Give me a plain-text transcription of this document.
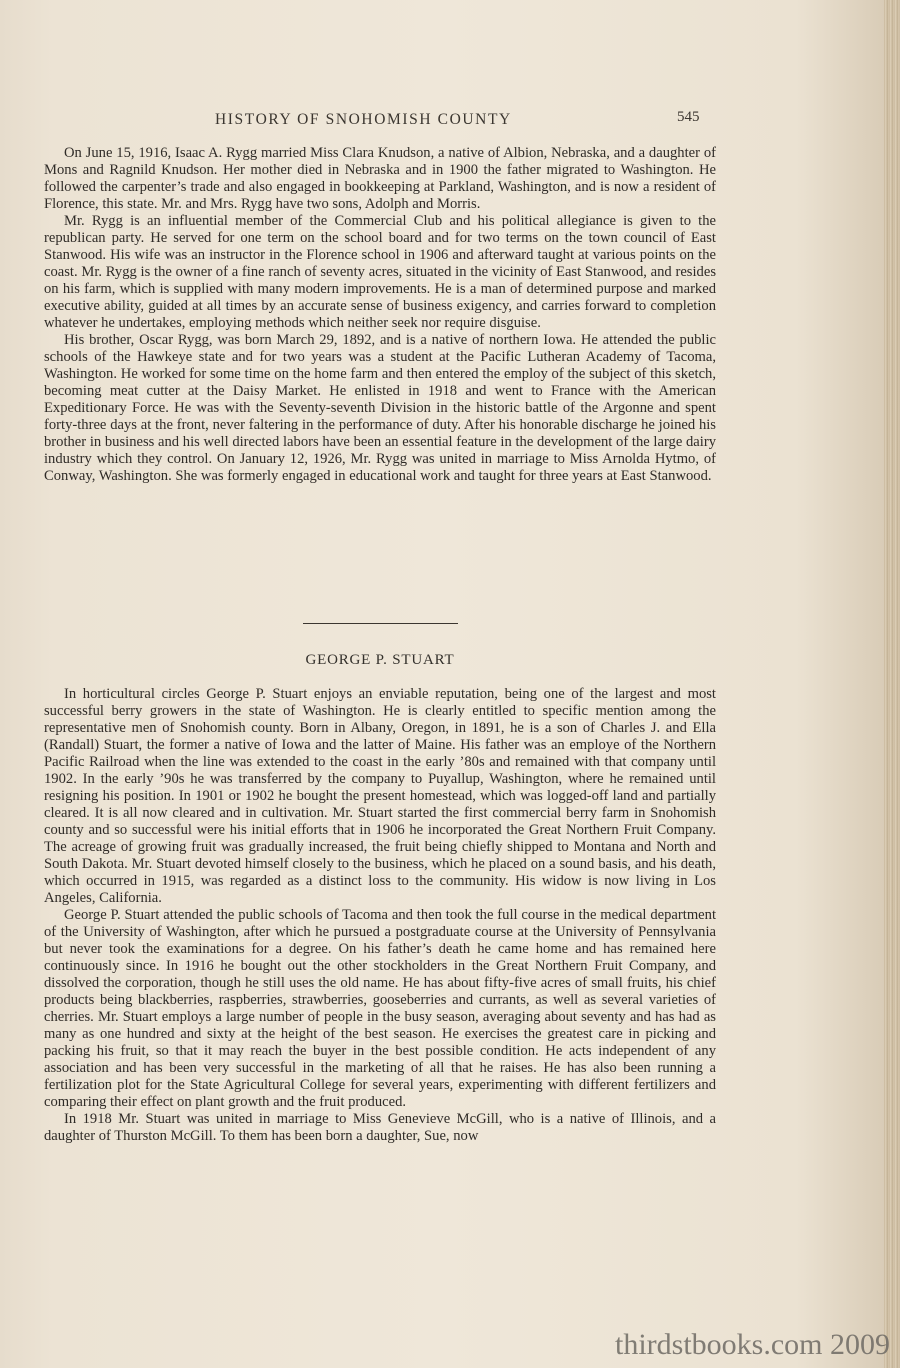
HISTORY OF SNOHOMISH COUNTY	545

On June 15, 1916, Isaac A. Rygg married Miss Clara Knudson, a native of Albion, Nebraska, and a daughter of Mons and Ragnild Knudson. Her mother died in Nebraska and in 1900 the father migrated to Washington. He followed the carpenter’s trade and also engaged in bookkeeping at Parkland, Washington, and is now a resident of Florence, this state. Mr. and Mrs. Rygg have two sons, Adolph and Morris.

Mr. Rygg is an influential member of the Commercial Club and his political allegiance is given to the republican party. He served for one term on the school board and for two terms on the town council of East Stanwood. His wife was an instructor in the Florence school in 1906 and afterward taught at various points on the coast. Mr. Rygg is the owner of a fine ranch of seventy acres, situated in the vicinity of East Stanwood, and resides on his farm, which is supplied with many modern improvements. He is a man of determined purpose and marked executive ability, guided at all times by an accurate sense of business exigency, and carries forward to completion whatever he undertakes, employing methods which neither seek nor require disguise.

His brother, Oscar Rygg, was born March 29, 1892, and is a native of northern Iowa. He attended the public schools of the Hawkeye state and for two years was a student at the Pacific Lutheran Academy of Tacoma, Washington. He worked for some time on the home farm and then entered the employ of the subject of this sketch, becoming meat cutter at the Daisy Market. He enlisted in 1918 and went to France with the American Expeditionary Force. He was with the Seventy-seventh Division in the historic battle of the Argonne and spent forty-three days at the front, never faltering in the performance of duty. After his honorable discharge he joined his brother in business and his well directed labors have been an essential feature in the development of the large dairy industry which they control. On January 12, 1926, Mr. Rygg was united in marriage to Miss Arnolda Hytmo, of Conway, Washington. She was formerly engaged in educational work and taught for three years at East Stanwood.

GEORGE P. STUART

In horticultural circles George P. Stuart enjoys an enviable reputation, being one of the largest and most successful berry growers in the state of Washington. He is clearly entitled to specific mention among the representative men of Snohomish county. Born in Albany, Oregon, in 1891, he is a son of Charles J. and Ella (Randall) Stuart, the former a native of Iowa and the latter of Maine. His father was an employe of the Northern Pacific Railroad when the line was extended to the coast in the early ’80s and remained with that company until 1902. In the early ’90s he was transferred by the company to Puyallup, Washington, where he remained until resigning his position. In 1901 or 1902 he bought the present homestead, which was logged-off land and partially cleared. It is all now cleared and in cultivation. Mr. Stuart started the first commercial berry farm in Snohomish county and so successful were his initial efforts that in 1906 he incorporated the Great Northern Fruit Company. The acreage of growing fruit was gradually increased, the fruit being chiefly shipped to Montana and North and South Dakota. Mr. Stuart devoted himself closely to the business, which he placed on a sound basis, and his death, which occurred in 1915, was regarded as a distinct loss to the community. His widow is now living in Los Angeles, California.

George P. Stuart attended the public schools of Tacoma and then took the full course in the medical department of the University of Washington, after which he pursued a postgraduate course at the University of Pennsylvania but never took the examinations for a degree. On his father’s death he came home and has remained here continuously since. In 1916 he bought out the other stockholders in the Great Northern Fruit Company, and dissolved the corporation, though he still uses the old name. He has about fifty-five acres of small fruits, his chief products being blackberries, raspberries, strawberries, gooseberries and currants, as well as several varieties of cherries. Mr. Stuart employs a large number of people in the busy season, averaging about seventy and has had as many as one hundred and sixty at the height of the best season. He exercises the greatest care in picking and packing his fruit, so that it may reach the buyer in the best possible condition. He acts independent of any association and has been very successful in the marketing of all that he raises. He has also been running a fertilization plot for the State Agricultural College for several years, experimenting with different fertilizers and comparing their effect on plant growth and the fruit produced.

In 1918 Mr. Stuart was united in marriage to Miss Genevieve McGill, who is a native of Illinois, and a daughter of Thurston McGill. To them has been born a daughter, Sue, now

thirdstbooks.com 2009
